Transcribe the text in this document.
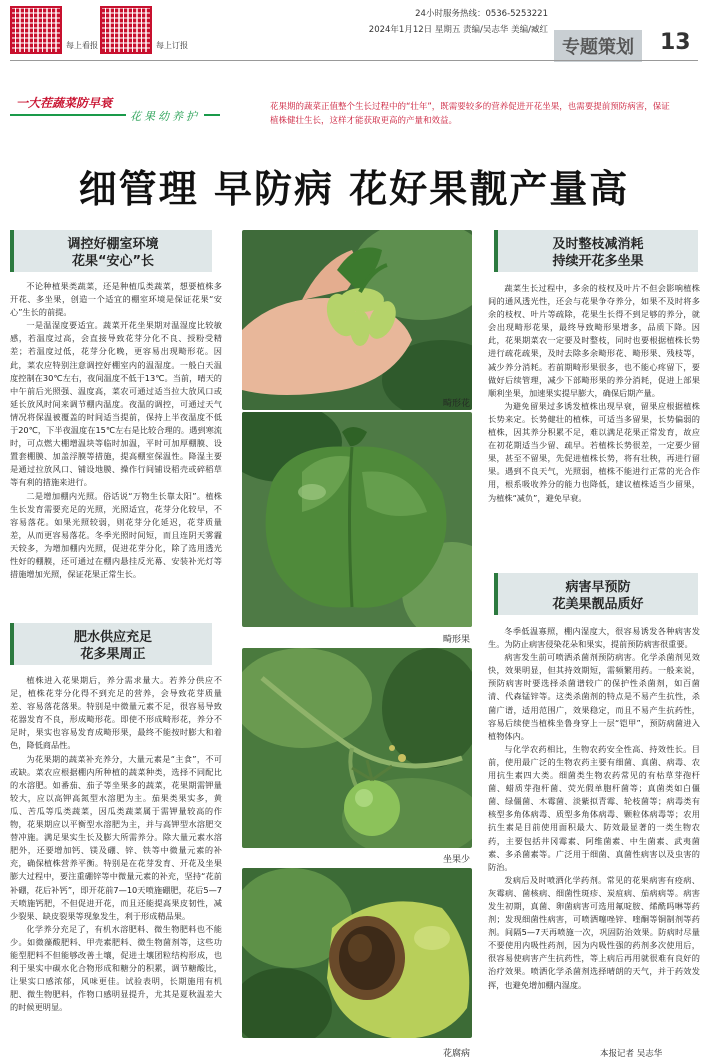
每上看报	每上订报
24小时服务热线：0536-5253221
2024年1月12日 星期五 责编/吴志华 美编/臧红
专题策划	13
一大茬蔬菜防早衰
花果幼养护
花果期的蔬菜正值整个生长过程中的“壮年”，既需要较多的营养促进开花坐果，也需要提前预防病害，保证植株健壮生长，这样才能获取更高的产量和效益。
细管理 早防病 花好果靓产量高
调控好棚室环境
花果“安心”长

不论种植果类蔬菜，还是种植瓜类蔬菜，想要植株多开花、多坐果，创造一个适宜的棚室环境是保证花果“安心”生长的前提。

一是温湿度要适宜。蔬菜开花坐果期对温湿度比较敏感，若温度过高，会直接导致花芽分化不良、授粉受精差；若温度过低，花芽分化晚，更容易出现畸形花。因此，菜农应特别注意调控好棚室内的温湿度。一般白天温度控制在30℃左右，夜间温度不低于13℃。当前，晴天的中午前后光照强、温度高，菜农可通过适当拉大放风口或延长放风时间来调节棚内温度。夜温的调控，可通过天气情况将保温被覆盖的时间适当提前，保持上半夜温度不低于20℃，下半夜温度在15℃左右是比较合理的。遇到寒流时，可点燃大棚增温块等临时加温，平时可加厚棚膜、设置套棚膜、加盖浮膜等措施，提高棚室保温性。降湿主要是通过拉放风口、铺设地膜、操作行间铺设稻壳或碎稻草等有利的措施来进行。

二是增加棚内光照。俗话说“万物生长靠太阳”。植株生长发育需要充足的光照，光照适宜，花芽分化较早，不容易落花。如果光照较弱，则花芽分化延迟，花芽质量差，从而更容易落花。冬季光照时间短，而且连阴天雾霾天较多，为增加棚内光照，促进花芽分化，除了选用透光性好的棚膜，还可通过在棚内悬挂反光幕、安装补光灯等措施增加光照，保证花果正常生长。

肥水供应充足
花多果周正

植株进入花果期后，养分需求量大。若养分供应不足，植株花芽分化得不到充足的营养，会导致花芽质量差、容易落花落果。特别是中微量元素不足，很容易导致花器发育不良，形成畸形花。即使不形成畸形花，养分不足时，果实也容易发育成畸形果，最终不能按时膨大和着色，降低商品性。

为花果期的蔬菜补充养分，大量元素是“主食”，不可或缺。菜农应根据棚内所种植的蔬菜种类，选择不同配比的水溶肥。如番茄、茄子等坐果多的蔬菜，花果期需钾量较大，应以高钾高氮型水溶肥为主。茄果类果实多，黄瓜、苦瓜等瓜类蔬菜，因瓜类蔬菜属于需钾量较高的作物，花果期应以平衡型水溶肥为主，并与高钾型水溶肥交替冲施。满足果实生长及膨大所需养分。除大量元素水溶肥外，还要增加钙、镁及硼、锌、铁等中微量元素的补充，确保植株营养平衡。特别是在花芽发育、开花及坐果膨大过程中，要注重硼锌等中微量元素的补充，坚持“花前补硼，花后补钙”，即开花前7—10天喷施硼肥，花后5—7天喷施钙肥，不但促进开花，而且还能提高果皮韧性，减少裂果、缺皮裂果等现象发生，利于形成精品果。

化学养分充足了，有机水溶肥料、微生物肥料也不能少。如微藻酸肥料、甲壳素肥料、微生物菌剂等，这些功能型肥料不但能够改善土壤，促进土壤团粒结构形成，也利于果实中碳水化合物形成和糖分的积累，调节糖酸比，让果实口感浓郁，风味更佳。试验表明，长期施用有机肥、微生物肥料，作物口感明显提升，尤其是夏秋温差大的时候更明显。

畸形花
畸形果
坐果少
花腐病
及时整枝减消耗
持续开花多坐果

蔬菜生长过程中，多余的枝杈及叶片不但会影响植株间的通风透光性，还会与花果争夺养分，如果不及时将多余的枝杈、叶片等疏除，花果生长得不到足够的养分，就会出现畸形花果，最终导致畸形果增多，品质下降。因此，花果期菜农一定要及时整枝，同时也要根据植株长势进行疏花疏果，及时去除多余畸形花、畸形果、残枝等，减少养分消耗。若前期畸形果很多，也不能心疼留下，要做好后续管理，减少下部畸形果的养分消耗，促进上部果顺利坐果，加速果实提早膨大，确保后期产量。

为避免留果过多诱发植株出现早衰，留果应根据植株长势来定。长势健壮的植株，可适当多留果，长势偏弱的植株，因其养分积累不足，难以满足花果正常发育，故应在初花期适当少留、疏早。若植株长势很差，一定要少留果，甚至不留果，先促进植株长势，将有壮秧，再进行留果。遇到不良天气，光照弱，植株不能进行正常的光合作用，根系吸收养分的能力也降低，建议植株适当少留果，为植株“减负”，避免早衰。

病害早预防
花美果靓品质好

冬季低温寡照，棚内湿度大，很容易诱发各种病害发生。为防止病害侵染花朵和果实，提前预防病害很重要。

病害发生前可喷洒杀菌剂预防病害。化学杀菌剂见效快，效果明显，但其持效期短，需频繁用药。一般来说，预防病害时要选择杀菌谱较广的保护性杀菌剂，如百菌清、代森锰锌等。这类杀菌剂的特点是不易产生抗性，杀菌广谱，适用范围广，效果稳定，而且不易产生抗药性，容易后续使当植株坐鲁身穿上一层“铠甲”，预防病菌进入植物体内。

与化学农药相比，生物农药安全性高、持效性长。目前，使用最广泛的生物农药主要有细菌、真菌、病毒、农用抗生素四大类。细菌类生物农药常见的有枯草芽孢杆菌、蜡质芽孢杆菌、荧光假单胞杆菌等；真菌类如白僵菌、绿僵菌、木霉菌、淡紫拟青霉、轮枝菌等；病毒类有核型多角体病毒、质型多角体病毒、颗粒体病毒等；农用抗生素是目前使用面积最大、防效最显著的一类生物农药，主要包括井冈霉素、阿维菌素、中生菌素、武夷菌素、多杀菌素等。广泛用于细菌、真菌性病害以及虫害的防治。

发病后及时喷洒化学药剂。常见的花果病害有疫病、灰霉病、菌核病、细菌性斑疹、炭疽病、茄病病等。病害发生初期，真菌、卵菌病害可选用氟啶胺、烯酰吗啉等药剂；发现细菌性病害，可喷洒噻唑锌、喹酮等铜制剂等药剂。间隔5—7天再喷施一次，巩固防治效果。防病时尽量不要使用内吸性药剂，因为内吸性强的药剂多次使用后，很容易使病害产生抗药性，等上病后再用就很难有良好的治疗效果。喷洒化学杀菌剂选择晴朗的天气，并于药效发挥，也避免增加棚内湿度。

本报记者 吴志华
